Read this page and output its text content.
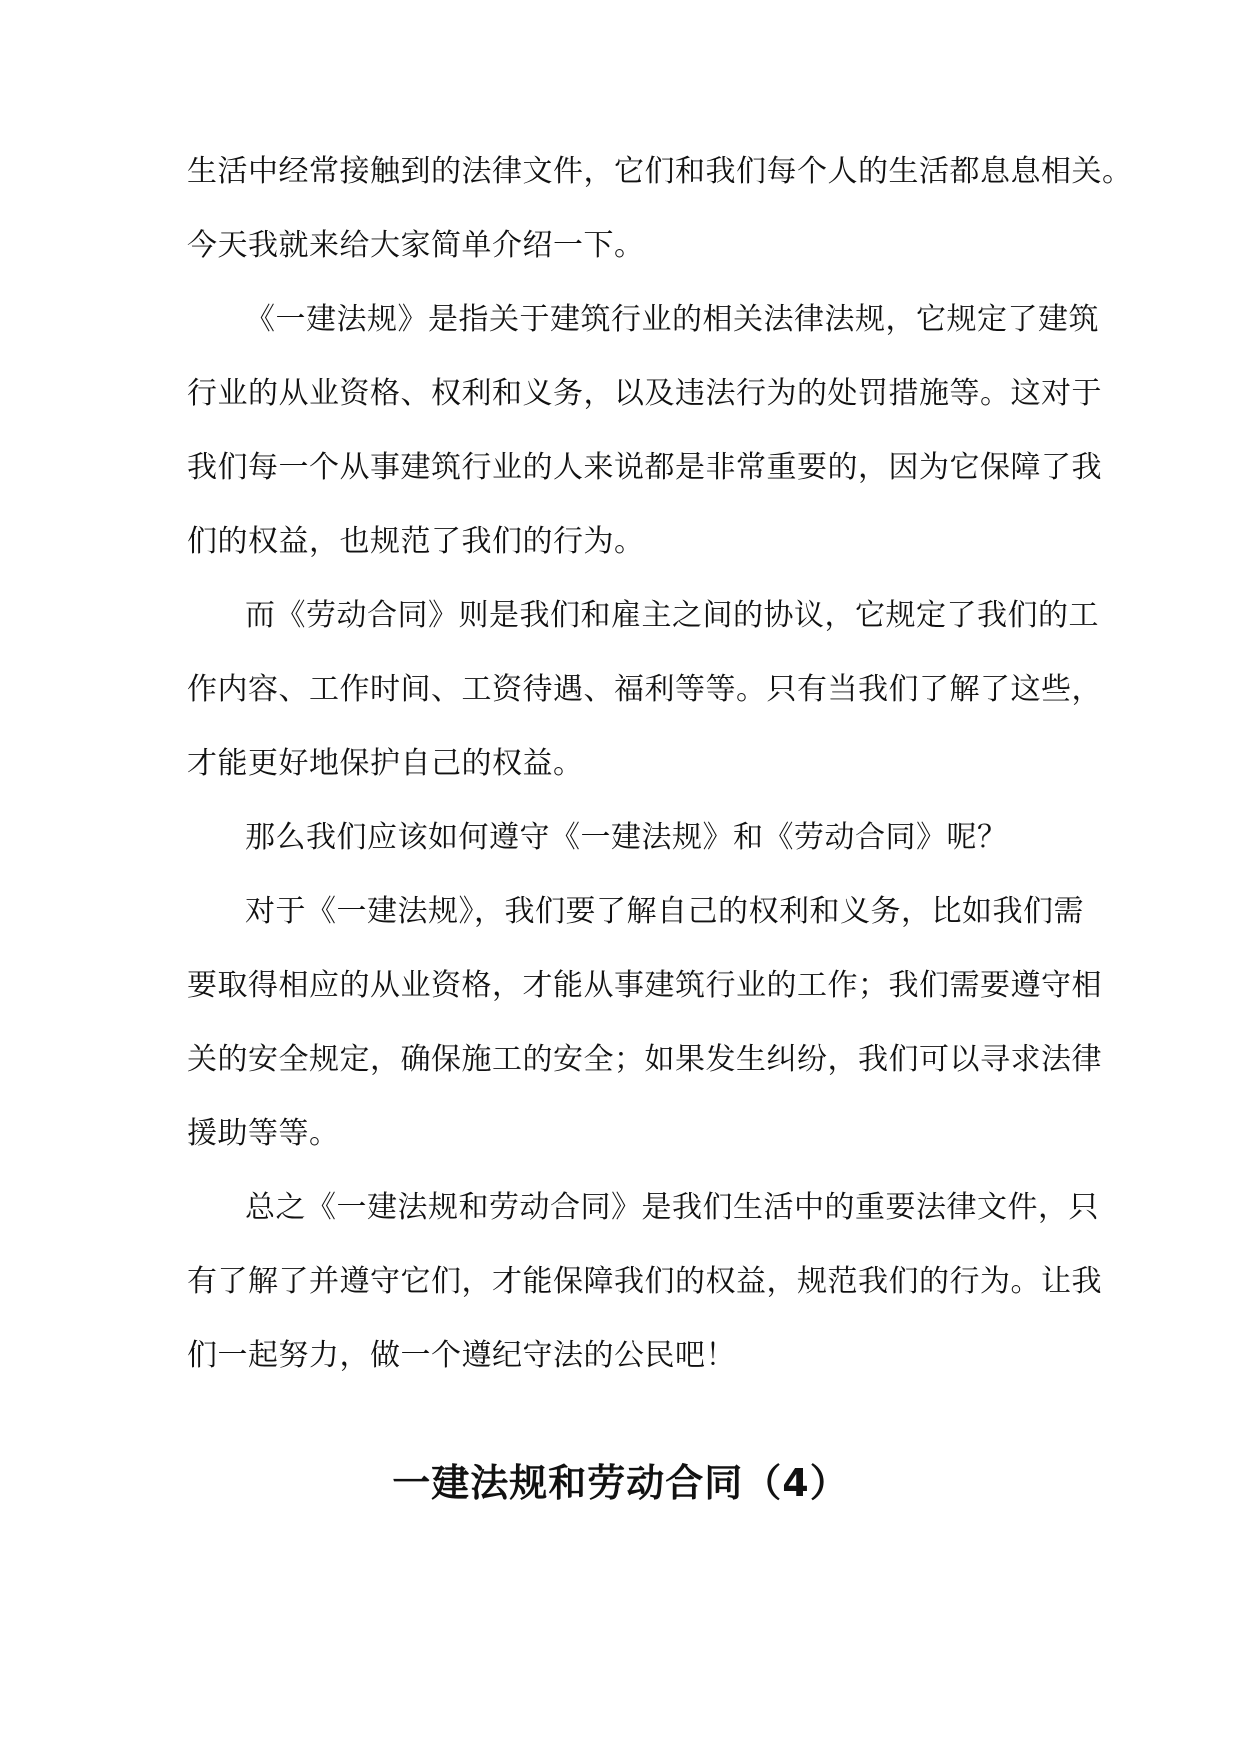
生活中经常接触到的法律文件，它们和我们每个人的生活都息息相关。
今天我就来给大家简单介绍一下。
《一建法规》是指关于建筑行业的相关法律法规，它规定了建筑
行业的从业资格、权利和义务，以及违法行为的处罚措施等。这对于
我们每一个从事建筑行业的人来说都是非常重要的，因为它保障了我
们的权益，也规范了我们的行为。
而《劳动合同》则是我们和雇主之间的协议，它规定了我们的工
作内容、工作时间、工资待遇、福利等等。只有当我们了解了这些，
才能更好地保护自己的权益。
那么我们应该如何遵守《一建法规》和《劳动合同》呢？
对于《一建法规》，我们要了解自己的权利和义务，比如我们需
要取得相应的从业资格，才能从事建筑行业的工作；我们需要遵守相
关的安全规定，确保施工的安全；如果发生纠纷，我们可以寻求法律
援助等等。
总之《一建法规和劳动合同》是我们生活中的重要法律文件，只
有了解了并遵守它们，才能保障我们的权益，规范我们的行为。让我
们一起努力，做一个遵纪守法的公民吧！
一建法规和劳动合同（4）
